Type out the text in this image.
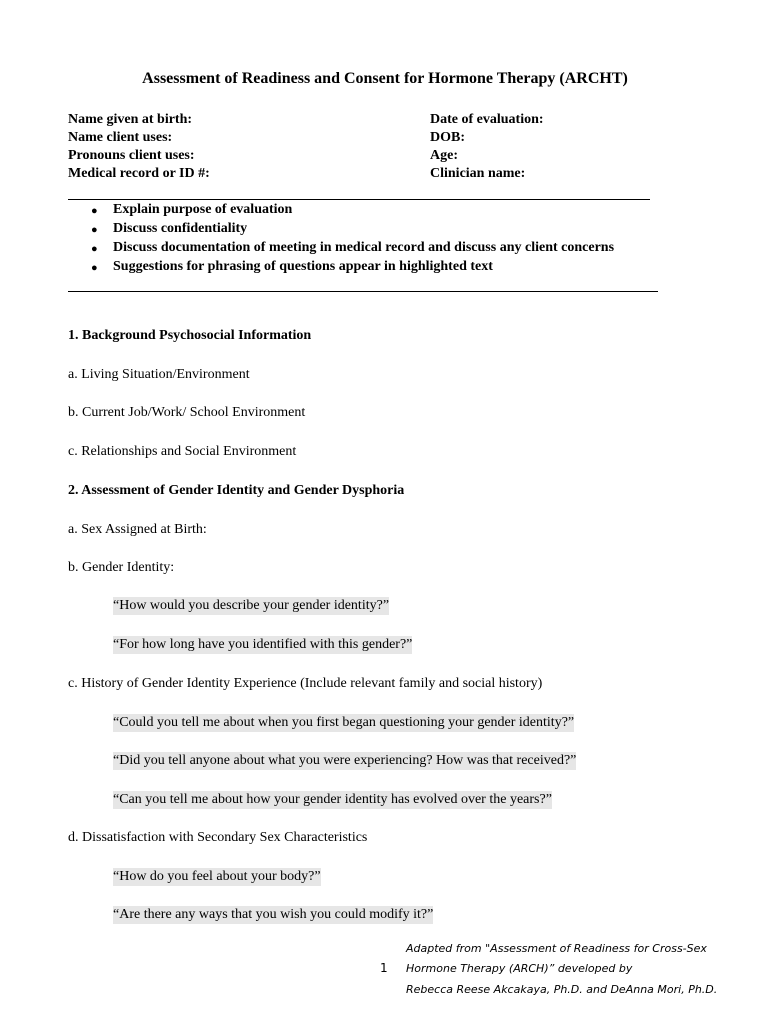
Assessment of Readiness and Consent for Hormone Therapy (ARCHT)
Name given at birth:
Name client uses:
Pronouns client uses:
Medical record or ID #:
Date of evaluation:
DOB:
Age:
Clinician name:
● Explain purpose of evaluation
● Discuss confidentiality
● Discuss documentation of meeting in medical record and discuss any client concerns
● Suggestions for phrasing of questions appear in highlighted text
1. Background Psychosocial Information
a. Living Situation/Environment
b. Current Job/Work/ School Environment
c. Relationships and Social Environment
2. Assessment of Gender Identity and Gender Dysphoria
a. Sex Assigned at Birth:
b. Gender Identity:
“How would you describe your gender identity?”
“For how long have you identified with this gender?”
c. History of Gender Identity Experience (Include relevant family and social history)
“Could you tell me about when you first began questioning your gender identity?”
“Did you tell anyone about what you were experiencing? How was that received?”
“Can you tell me about how your gender identity has evolved over the years?”
d. Dissatisfaction with Secondary Sex Characteristics
“How do you feel about your body?”
“Are there any ways that you wish you could modify it?”
1
Adapted from "Assessment of Readiness for Cross-Sex
Hormone Therapy (ARCH)” developed by
Rebecca Reese Akcakaya, Ph.D. and DeAnna Mori, Ph.D.
